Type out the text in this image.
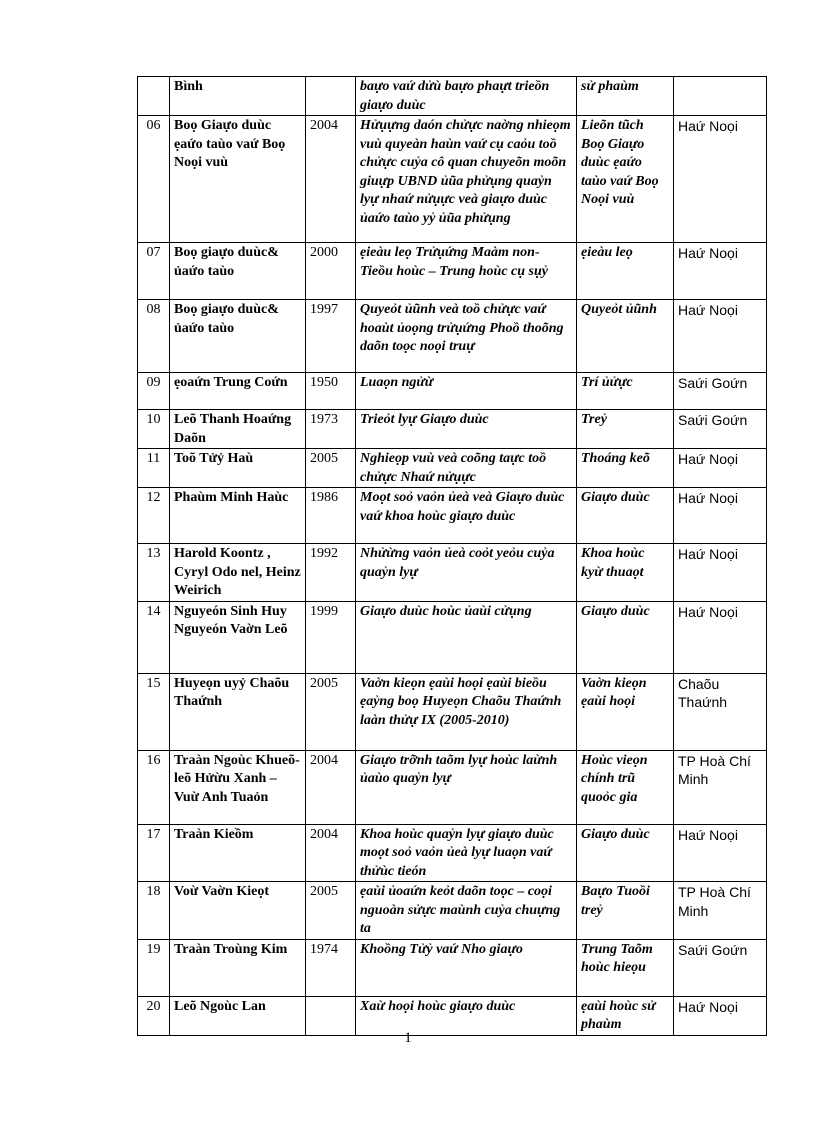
	Bình		baựo vaứ dửù baựo phaựt trieồn giaựo duùc	sử phaùm	
06	Boọ Giaựo duùc ẹaứo taùo vaứ Boọ Noọi vuù	2004	Hửụựng daón chửực naờng nhieọm vuù quyeàn haùn vaứ cụ caỏu toồ chửực cuỷa cô quan chuyeõn moõn giuựp UBND ủũa phửụng quaỷn lyự nhaứ nửụực veà giaựo duùc ủaứo taùo yỷ ủũa phửụng	Lieõn tũch Boọ Giaựo duùc ẹaứo taùo vaứ Boọ Noọi vuù	Haứ Noọi
07	Boọ giaựo duùc& ủaứo taùo	2000	ẹieàu leọ Trửụứng Maàm non- Tieồu hoùc – Trung hoùc cụ sụỷ	ẹieàu leọ	Haứ Noọi
08	Boọ giaựo duùc& ủaứo taùo	1997	Quyeỏt ủũnh veà toồ chửực vaứ hoaùt ủoọng trửụứng Phoồ thoõng daõn toọc noọi truự	Quyeỏt ủũnh	Haứ Noọi
09	ẹoaứn Trung Coứn	1950	Luaọn ngửừ	Trí ủửực	Saứi Goứn
10	Leõ Thanh Hoaứng Daõn	1973	Trieỏt lyự Giaựo duùc	Treỷ	Saứi Goứn
11	Toõ Tửỷ Haù	2005	Nghieọp vuù veà coõng taực toồ chửực Nhaứ nửụực	Thoáng keõ	Haứ Noọi
12	Phaùm Minh Haùc	1986	Moọt soỏ vaỏn ủeà veà Giaựo duùc vaứ khoa hoùc giaựo duùc	Giaựo duùc	Haứ Noọi
13	Harold Koontz , Cyryl Odo nel, Heinz Weirich	1992	Nhửừng vaỏn ủeà coỏt yeỏu cuỷa quaỷn lyự	Khoa hoùc kyừ thuaọt	Haứ Noọi
14	Nguyeón Sinh Huy Nguyeón Vaờn Leõ	1999	Giaựo duùc hoùc ủaùi cửụng	Giaựo duùc	Haứ Noọi
15	Huyeọn uyỷ Chaõu Thaứnh	2005	Vaờn kieọn ẹaùi hoọi ẹaùi bieồu ẹaỷng boọ Huyeọn Chaõu Thaứnh laàn thửự IX (2005-2010)	Vaờn kieọn ẹaùi hoọi	Chaõu Thaứnh
16	Traàn Ngoùc Khueõ- leõ Hửừu Xanh – Vuừ Anh Tuaỏn	2004	Giaựo trỡnh taõm lyự hoùc laừnh ủaùo quaỷn lyự	Hoùc vieọn chính trũ quoỏc gia	TP Hoà Chí Minh
17	Traàn Kieồm	2004	Khoa hoùc quaỷn lyự giaựo duùc moọt soỏ vaỏn ủeà lyự luaọn vaứ thửùc tieón	Giaựo duùc	Haứ Noọi
18	Voừ Vaờn Kieọt	2005	ẹaùi ủoaứn keỏt daõn toọc – coọi nguoàn sửực maùnh cuỷa chuựng ta	Baựo Tuoồi treỷ	TP Hoà Chí Minh
19	Traàn Troùng Kim	1974	Khoồng Tửỷ vaứ Nho giaựo	Trung Taõm hoùc hieọu	Saứi Goứn
20	Leõ Ngoùc Lan		Xaừ hoọi hoùc giaựo duùc	ẹaùi hoùc sử phaùm	Haứ Noọi
1
